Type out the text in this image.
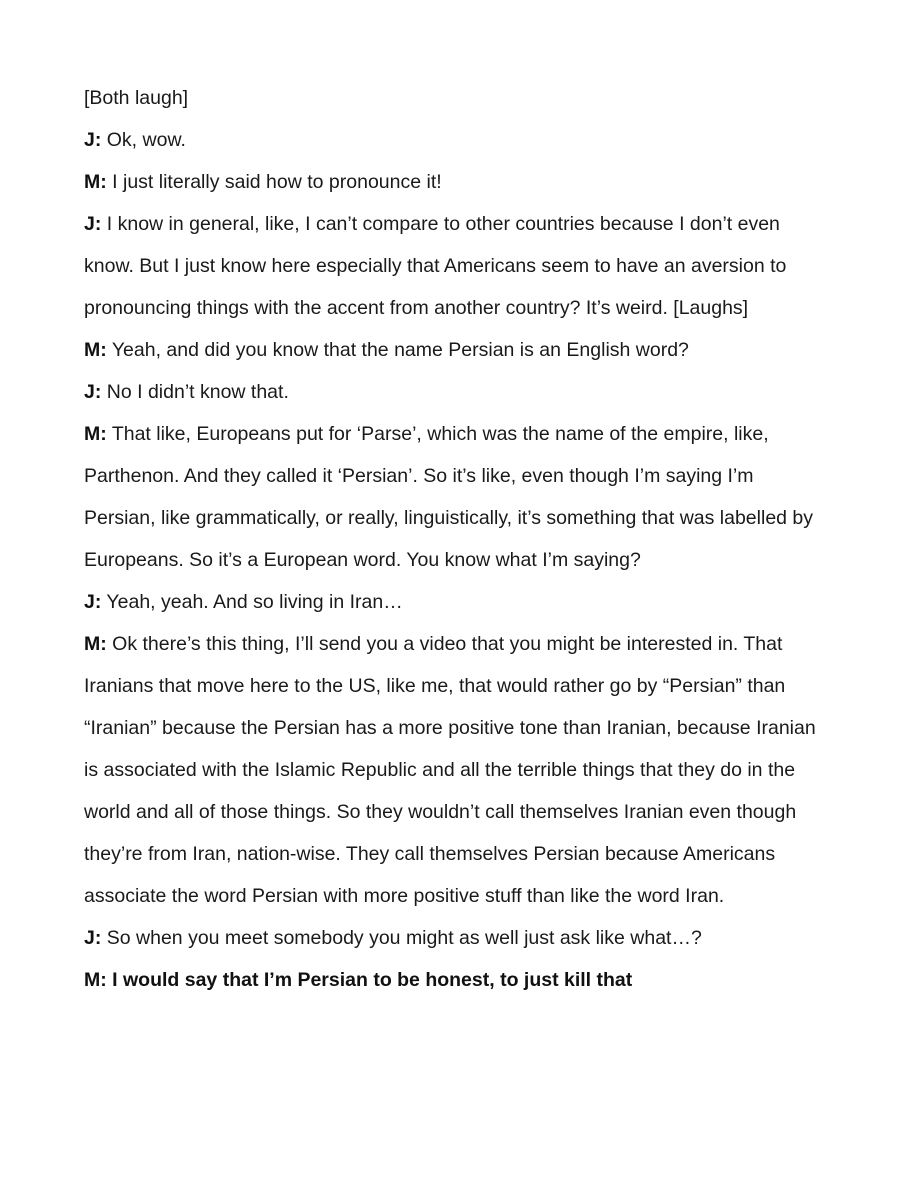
[Both laugh]

J: Ok, wow.

M: I just literally said how to pronounce it!

J: I know in general, like, I can’t compare to other countries because I don’t even know. But I just know here especially that Americans seem to have an aversion to pronouncing things with the accent from another country? It’s weird. [Laughs]

M: Yeah, and did you know that the name Persian is an English word?

J: No I didn’t know that.

M: That like, Europeans put for ‘Parse’, which was the name of the empire, like, Parthenon. And they called it ‘Persian’. So it’s like, even though I’m saying I’m Persian, like grammatically, or really, linguistically, it’s something that was labelled by Europeans. So it’s a European word. You know what I’m saying?

J: Yeah, yeah. And so living in Iran…

M: Ok there’s this thing, I’ll send you a video that you might be interested in. That Iranians that move here to the US, like me, that would rather go by “Persian” than “Iranian” because the Persian has a more positive tone than Iranian, because Iranian is associated with the Islamic Republic and all the terrible things that they do in the world and all of those things. So they wouldn’t call themselves Iranian even though they’re from Iran, nation-wise. They call themselves Persian because Americans associate the word Persian with more positive stuff than like the word Iran.

J: So when you meet somebody you might as well just ask like what…?

M: I would say that I’m Persian to be honest, to just kill that
